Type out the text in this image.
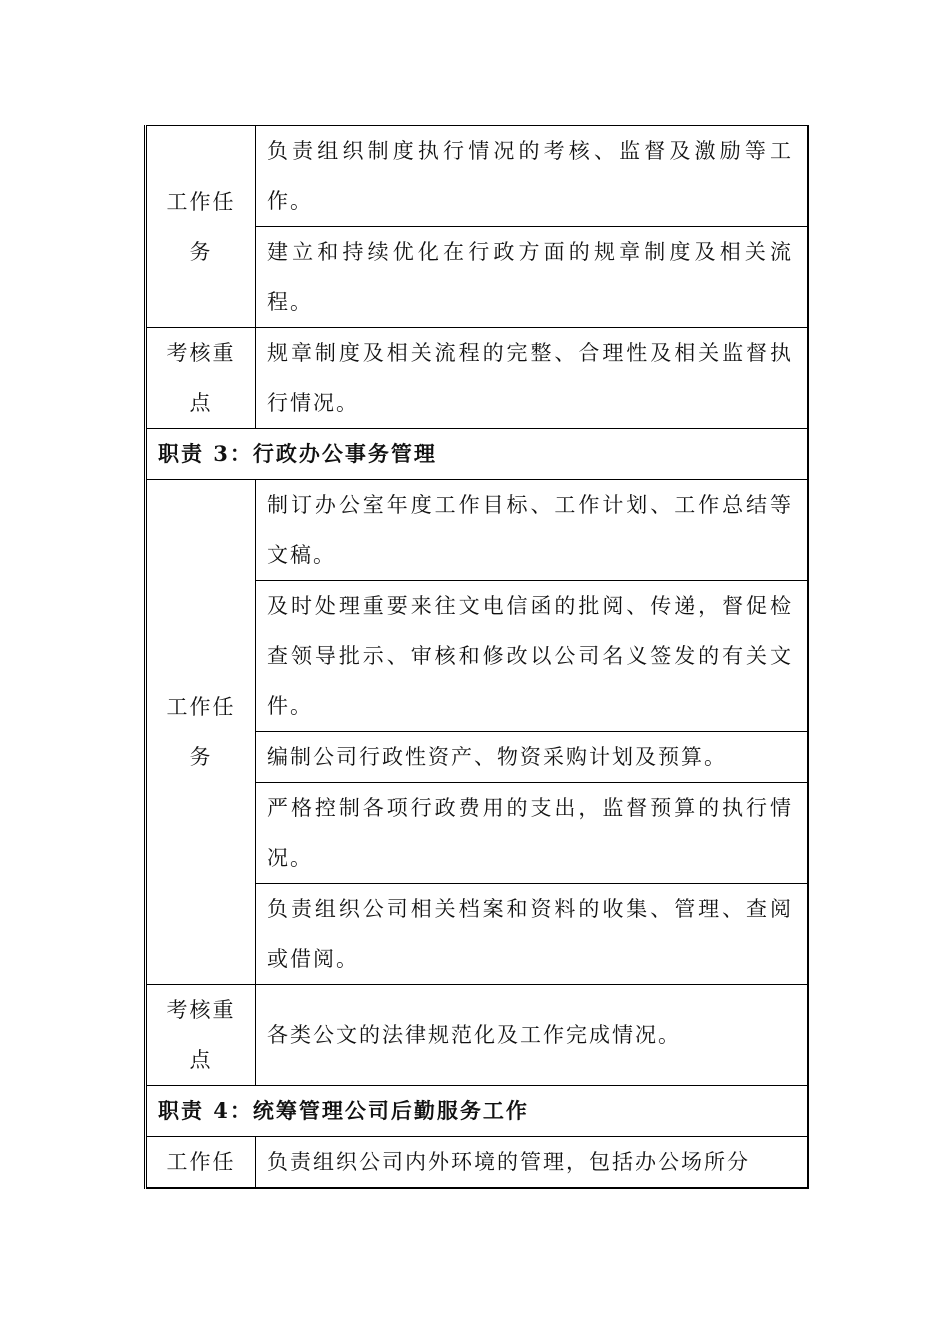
工作任
务	负责组织制度执行情况的考核、监督及激励等工作。
	建立和持续优化在行政方面的规章制度及相关流程。

考核重
点	规章制度及相关流程的完整、合理性及相关监督执行情况。
职责 3：行政办公事务管理	

工作任
务	制订办公室年度工作目标、工作计划、工作总结等文稿。
	及时处理重要来往文电信函的批阅、传递，督促检查领导批示、审核和修改以公司名义签发的有关文件。
	编制公司行政性资产、物资采购计划及预算。
	严格控制各项行政费用的支出，监督预算的执行情况。
	负责组织公司相关档案和资料的收集、管理、查阅或借阅。

考核重
点	各类公文的法律规范化及工作完成情况。
职责 4：统筹管理公司后勤服务工作	

工作任	负责组织公司内外环境的管理，包括办公场所分
